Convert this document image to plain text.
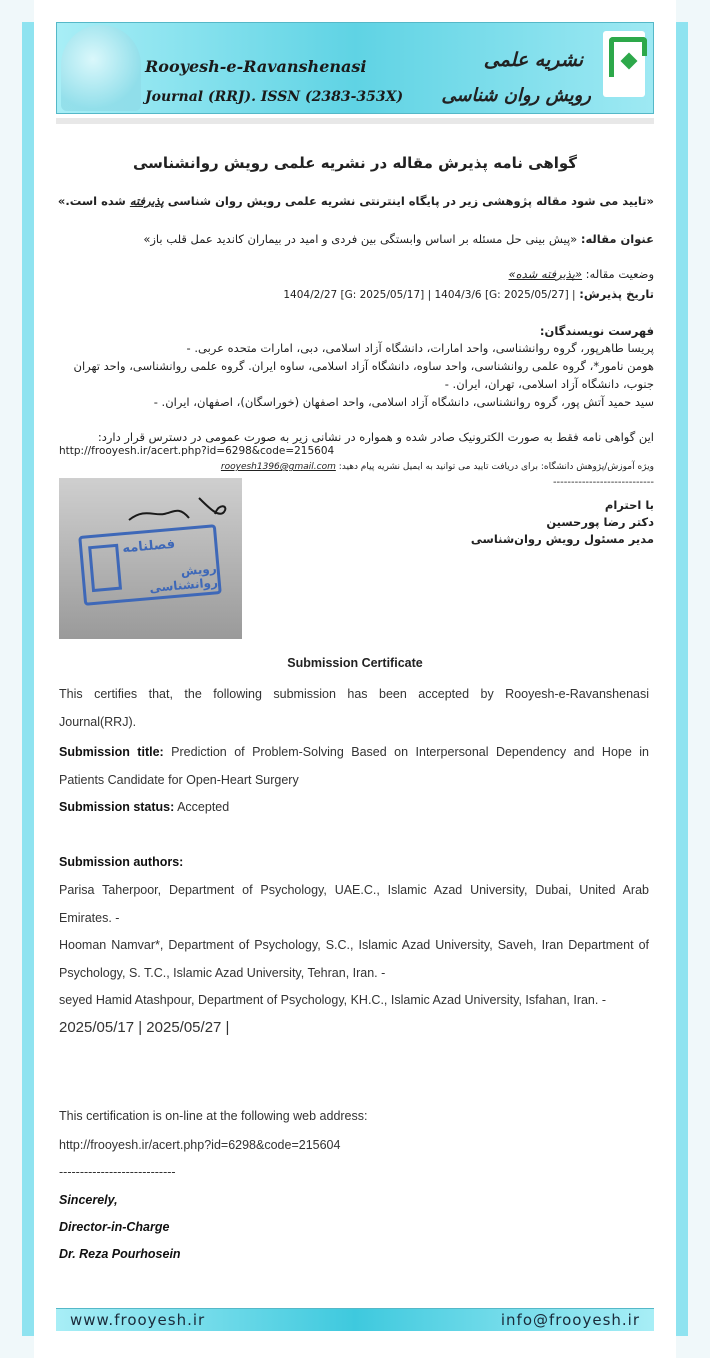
Rooyesh-e-Ravanshenasi
Journal (RRJ). ISSN (2383-353X)
نشریه علمی
رویش روان شناسی
گواهی نامه پذیرش مقاله در نشریه علمی رویش روانشناسی
«تایید می شود مقاله پژوهشی زیر در پایگاه اینترنتی نشریه علمی رویش روان شناسی پذیرفته شده است.»
عنوان مقاله: «پیش بینی حل مسئله بر اساس وابستگی بین فردی و امید در بیماران کاندید عمل قلب باز»
وضعیت مقاله: «پذیرفته شده»
تاریخ پذیرش: 1404/2/27 [G: 2025/05/17] | 1404/3/6 [G: 2025/05/27] |
فهرست نویسندگان:
پریسا طاهرپور، گروه روانشناسی، واحد امارات، دانشگاه آزاد اسلامی، دبی، امارات متحده عربی. -
هومن نامور*، گروه علمی روانشناسی، واحد ساوه، دانشگاه آزاد اسلامی، ساوه ایران. گروه علمی روانشناسی، واحد تهران جنوب، دانشگاه آزاد اسلامی، تهران، ایران. -
سید حمید آتش پور، گروه روانشناسی، دانشگاه آزاد اسلامی، واحد اصفهان (خوراسگان)، اصفهان، ایران. -
این گواهی نامه فقط به صورت الکترونیک صادر شده و همواره در نشانی زیر به صورت عمومی در دسترس قرار دارد:
http://frooyesh.ir/acert.php?id=6298&code=215604
ویژه آموزش/پژوهش دانشگاه: برای دریافت تایید می توانید به ایمیل نشریه پیام دهید: rooyesh1396@gmail.com
----------------------------
با احترام
دکتر رضا پورحسین
مدیر مسئول رویش روان‌شناسی
فصلنامه
رویش روانشناسی
Submission Certificate
This certifies that, the following submission has been accepted by Rooyesh-e-Ravanshenasi Journal(RRJ).
Submission title: Prediction of Problem-Solving Based on Interpersonal Dependency and Hope in Patients Candidate for Open-Heart Surgery
Submission status: Accepted
Submission authors:
Parisa Taherpoor, Department of Psychology, UAE.C., Islamic Azad University, Dubai, United Arab Emirates. -
Hooman Namvar*, Department of Psychology, S.C., Islamic Azad University, Saveh, Iran Department of Psychology, S. T.C., Islamic Azad University, Tehran, Iran. -
seyed Hamid Atashpour, Department of Psychology, KH.C., Islamic Azad University, Isfahan, Iran. -
2025/05/17 | 2025/05/27 |
This certification is on-line at the following web address:
http://frooyesh.ir/acert.php?id=6298&code=215604
----------------------------
Sincerely,
Director-in-Charge
Dr. Reza Pourhosein
www.frooyesh.ir	info@frooyesh.ir
